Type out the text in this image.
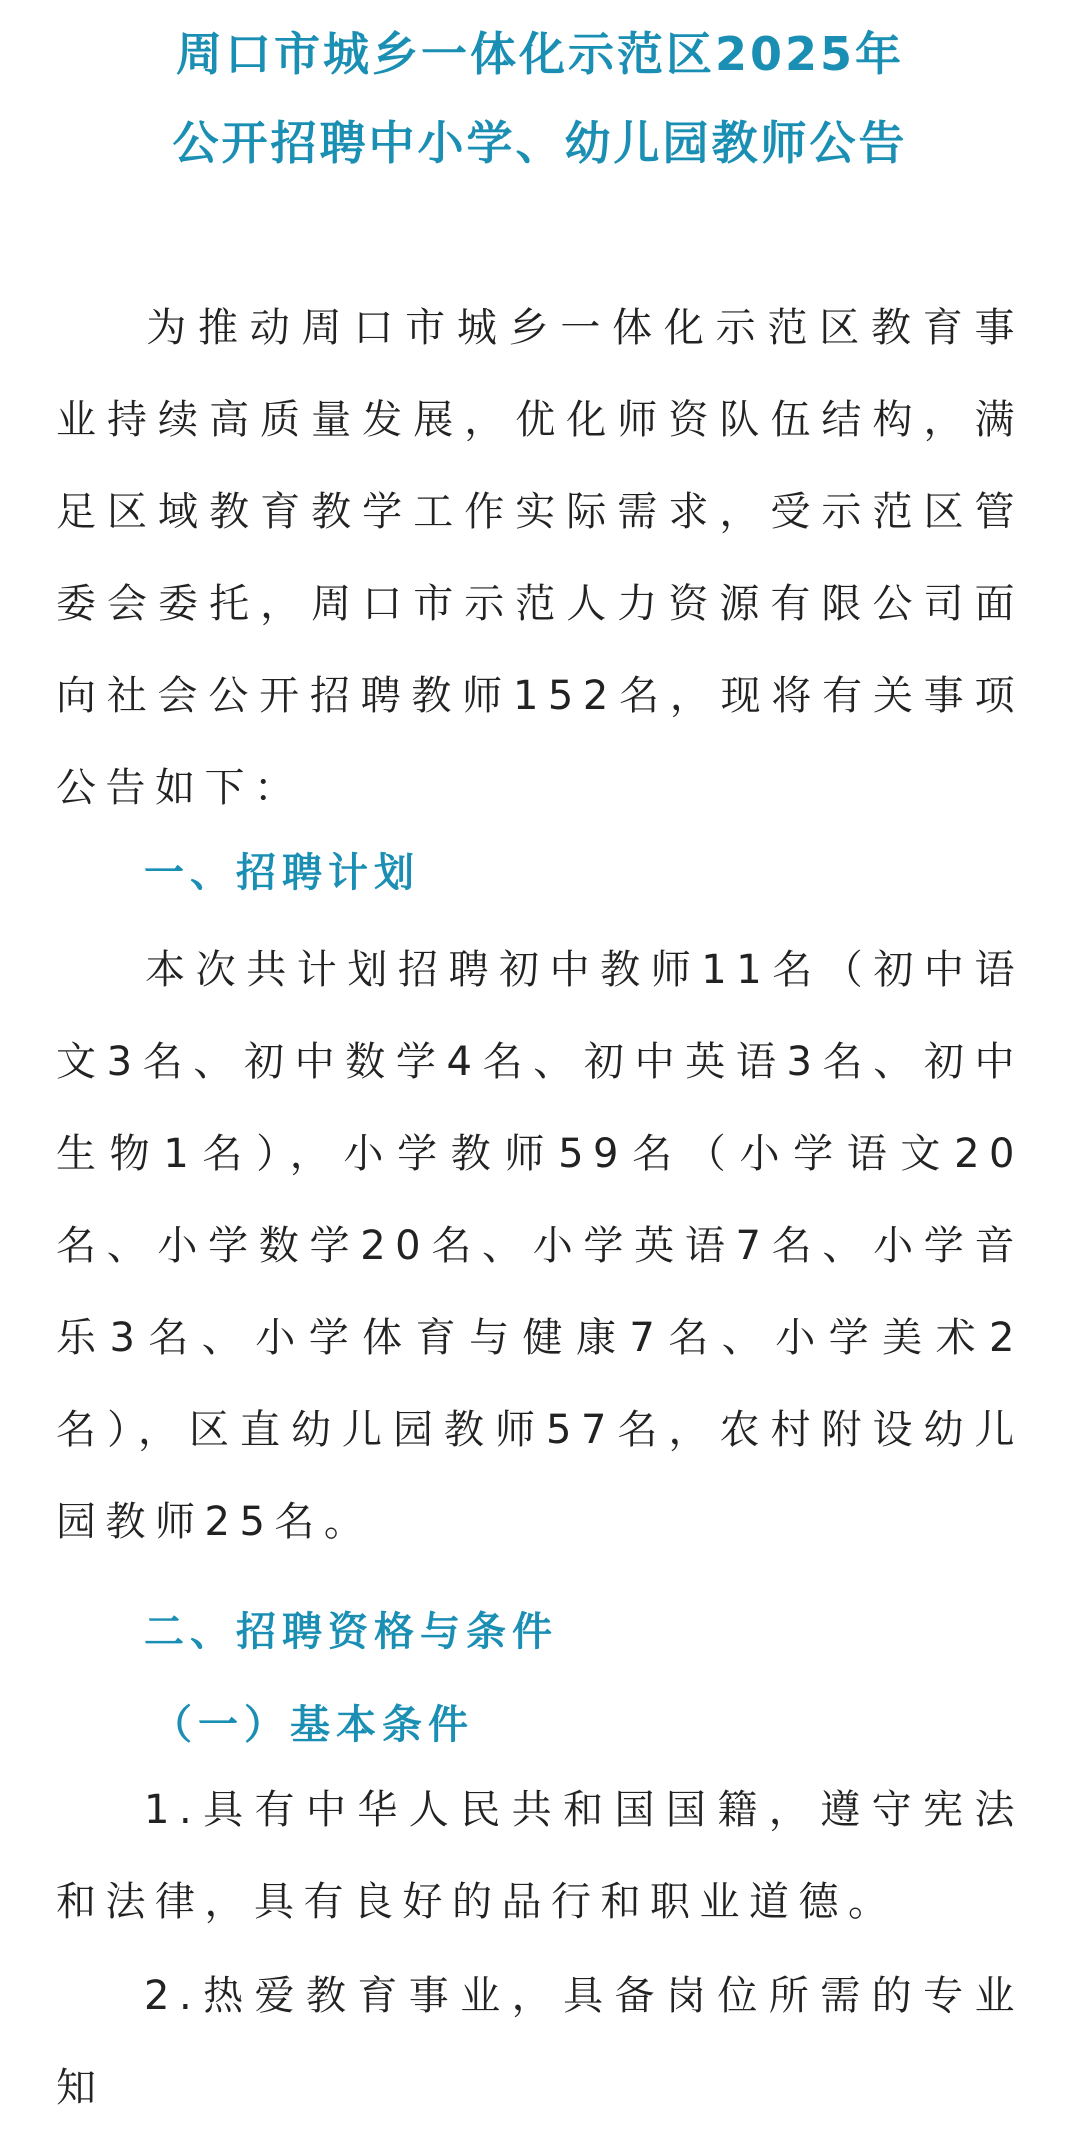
周口市城乡一体化示范区2025年
公开招聘中小学、幼儿园教师公告

为推动周口市城乡一体化示范区教育事业持续高质量发展，优化师资队伍结构，满足区域教育教学工作实际需求，受示范区管委会委托，周口市示范人力资源有限公司面向社会公开招聘教师152名，现将有关事项公告如下：

一、招聘计划

本次共计划招聘初中教师11名（初中语文3名、初中数学4名、初中英语3名、初中生物1名），小学教师59名（小学语文20名、小学数学20名、小学英语7名、小学音乐3名、小学体育与健康7名、小学美术2名），区直幼儿园教师57名，农村附设幼儿园教师25名。

二、招聘资格与条件
（一）基本条件

1.具有中华人民共和国国籍，遵守宪法和法律，具有良好的品行和职业道德。

2.热爱教育事业，具备岗位所需的专业知
